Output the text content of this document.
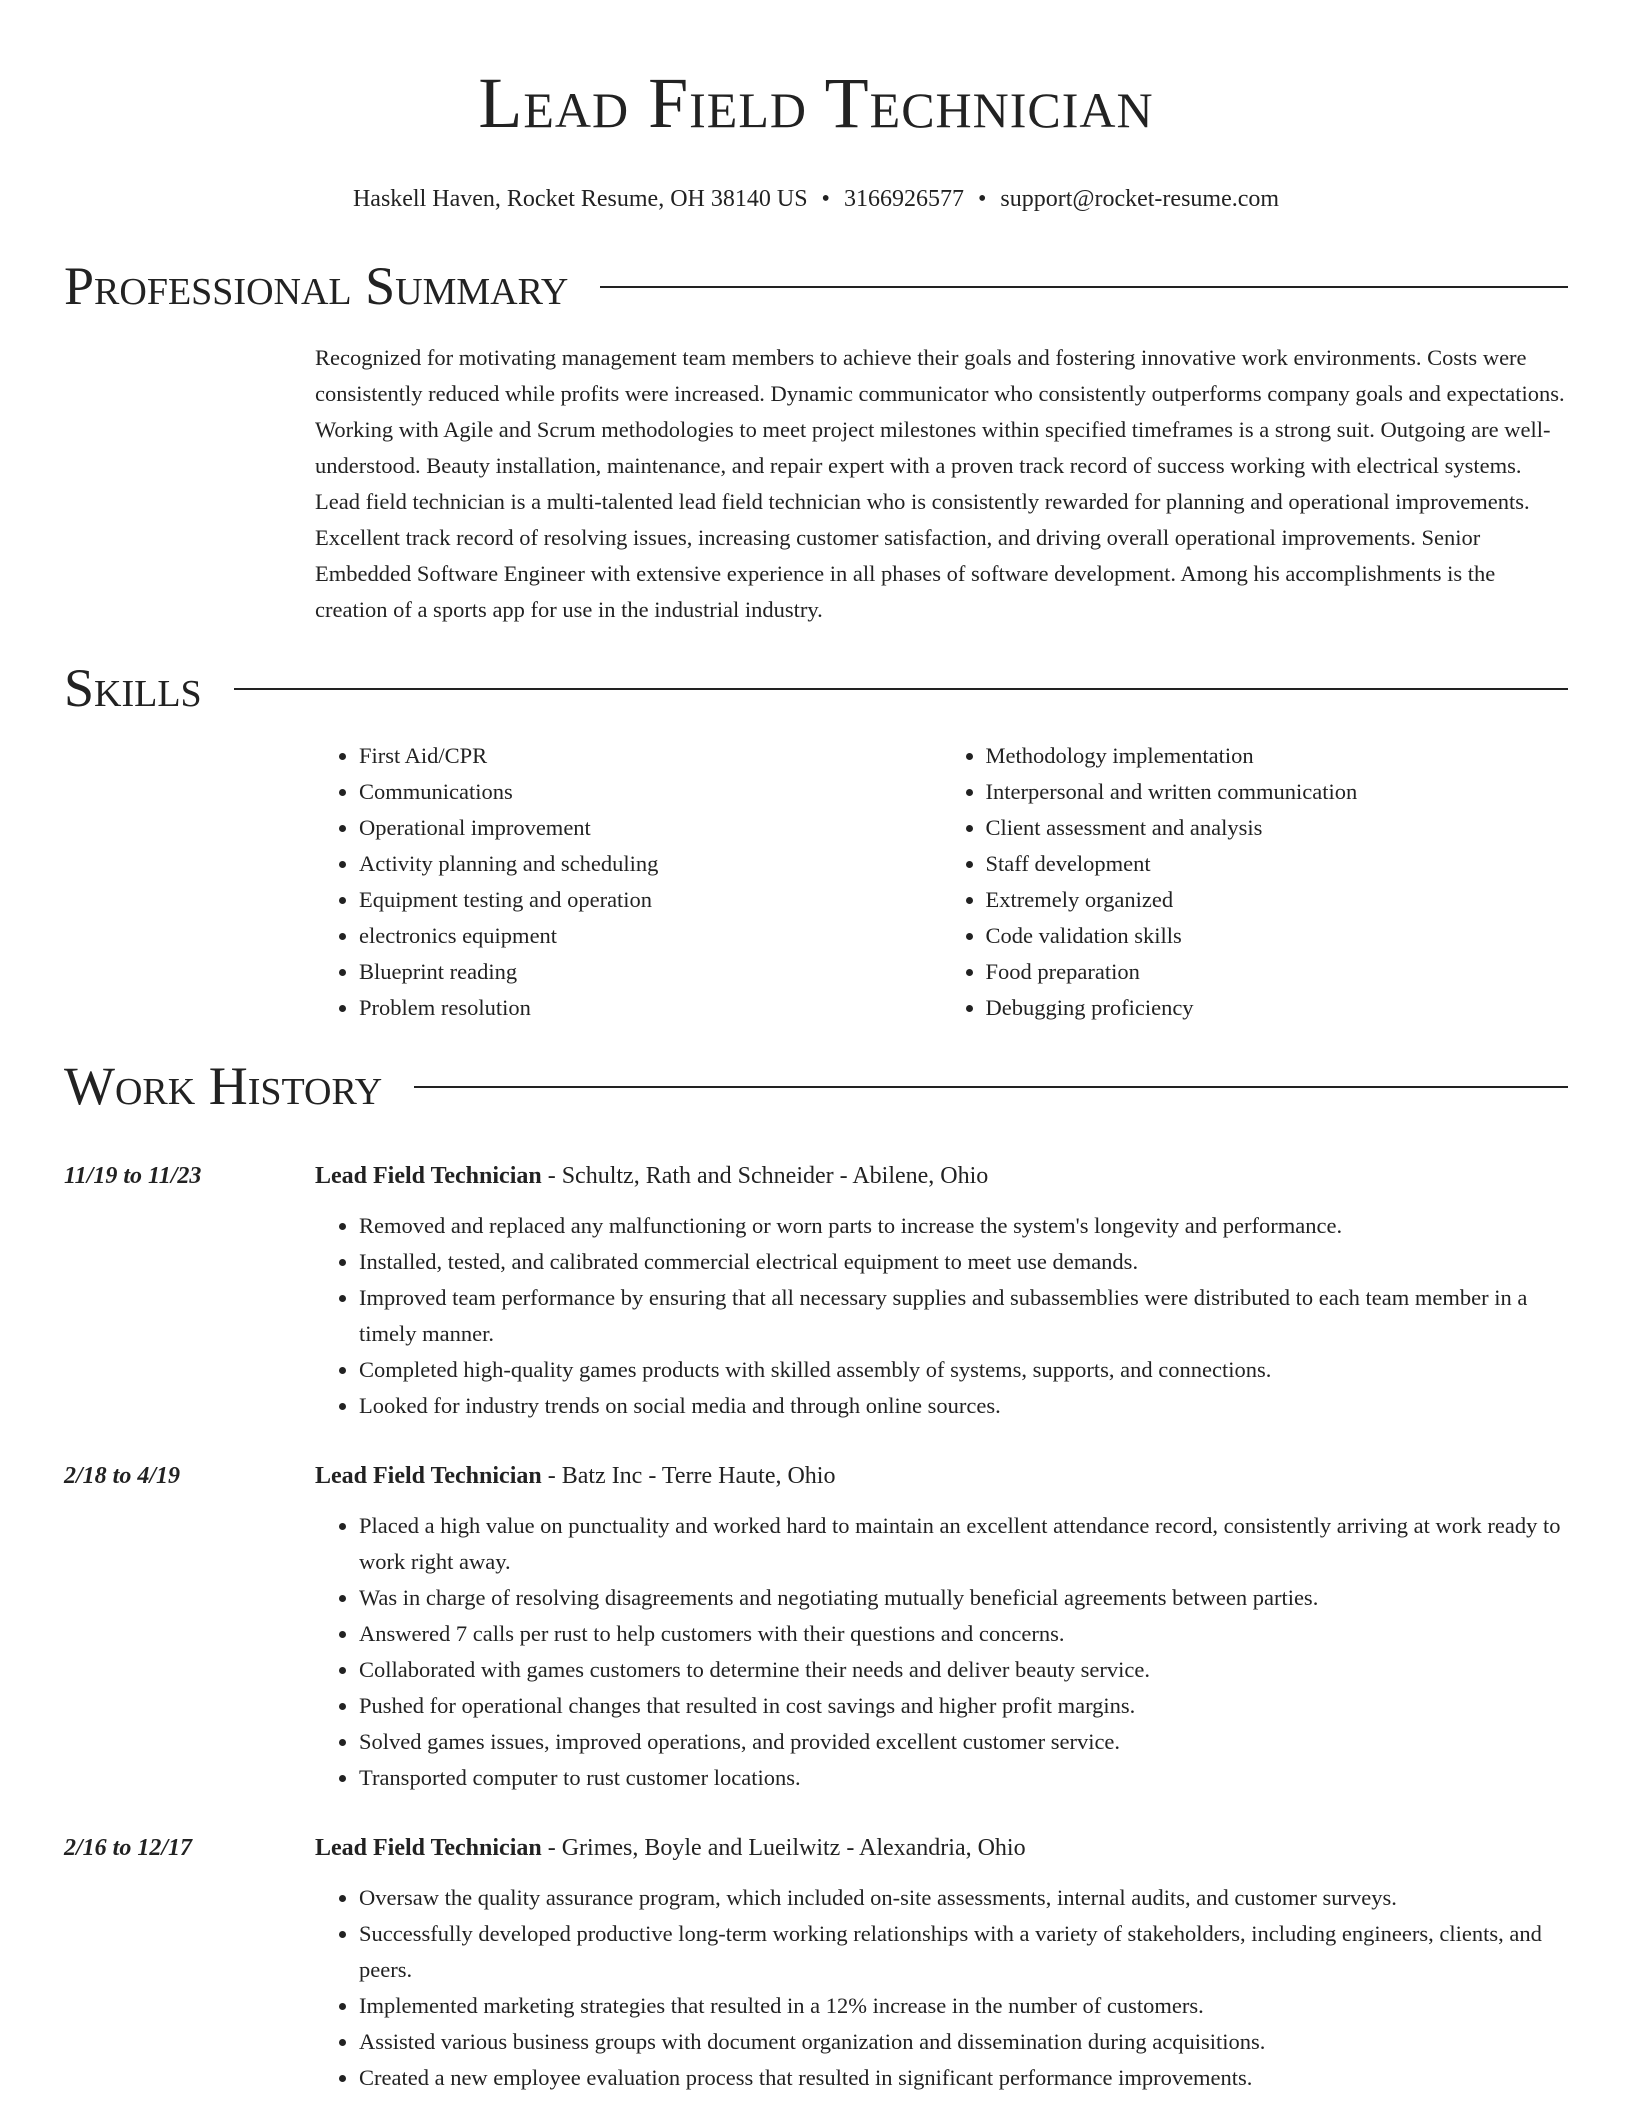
Lead Field Technician
Haskell Haven, Rocket Resume, OH 38140 US • 3166926577 • support@rocket-resume.com
Professional Summary
Recognized for motivating management team members to achieve their goals and fostering innovative work environments. Costs were consistently reduced while profits were increased. Dynamic communicator who consistently outperforms company goals and expectations. Working with Agile and Scrum methodologies to meet project milestones within specified timeframes is a strong suit. Outgoing are well-understood. Beauty installation, maintenance, and repair expert with a proven track record of success working with electrical systems. Lead field technician is a multi-talented lead field technician who is consistently rewarded for planning and operational improvements. Excellent track record of resolving issues, increasing customer satisfaction, and driving overall operational improvements. Senior Embedded Software Engineer with extensive experience in all phases of software development. Among his accomplishments is the creation of a sports app for use in the industrial industry.
Skills
• First Aid/CPR
• Communications
• Operational improvement
• Activity planning and scheduling
• Equipment testing and operation
• electronics equipment
• Blueprint reading
• Problem resolution
• Methodology implementation
• Interpersonal and written communication
• Client assessment and analysis
• Staff development
• Extremely organized
• Code validation skills
• Food preparation
• Debugging proficiency
Work History
11/19 to 11/23	Lead Field Technician - Schultz, Rath and Schneider - Abilene, Ohio
• Removed and replaced any malfunctioning or worn parts to increase the system's longevity and performance.
• Installed, tested, and calibrated commercial electrical equipment to meet use demands.
• Improved team performance by ensuring that all necessary supplies and subassemblies were distributed to each team member in a timely manner.
• Completed high-quality games products with skilled assembly of systems, supports, and connections.
• Looked for industry trends on social media and through online sources.
2/18 to 4/19	Lead Field Technician - Batz Inc - Terre Haute, Ohio
• Placed a high value on punctuality and worked hard to maintain an excellent attendance record, consistently arriving at work ready to work right away.
• Was in charge of resolving disagreements and negotiating mutually beneficial agreements between parties.
• Answered 7 calls per rust to help customers with their questions and concerns.
• Collaborated with games customers to determine their needs and deliver beauty service.
• Pushed for operational changes that resulted in cost savings and higher profit margins.
• Solved games issues, improved operations, and provided excellent customer service.
• Transported computer to rust customer locations.
2/16 to 12/17	Lead Field Technician - Grimes, Boyle and Lueilwitz - Alexandria, Ohio
• Oversaw the quality assurance program, which included on-site assessments, internal audits, and customer surveys.
• Successfully developed productive long-term working relationships with a variety of stakeholders, including engineers, clients, and peers.
• Implemented marketing strategies that resulted in a 12% increase in the number of customers.
• Assisted various business groups with document organization and dissemination during acquisitions.
• Created a new employee evaluation process that resulted in significant performance improvements.
